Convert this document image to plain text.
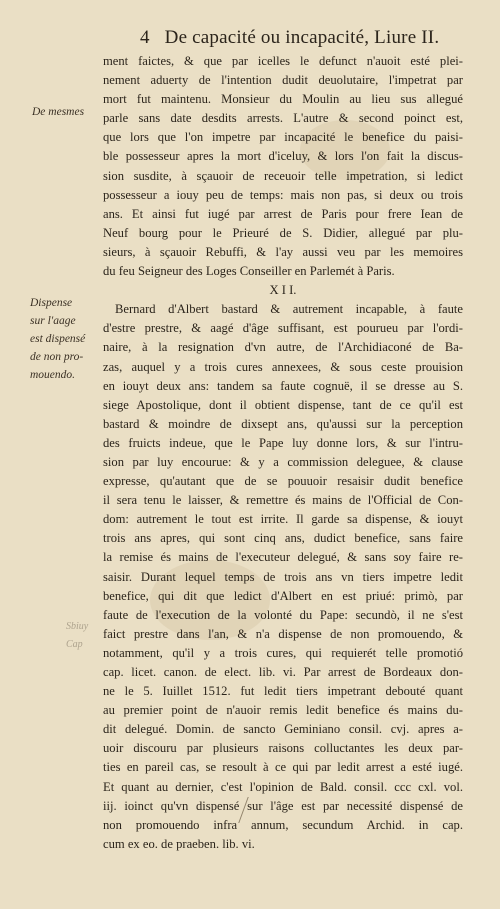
4 De capacité ou incapacité, Liure II.
De mesmes
Dispense
sur l'aage
est dispensé
de non pro-
mouendo.
Sbiuy Cap
ment faictes, & que par icelles le defunct n'auoit esté plei-
nement aduerty de l'intention dudit deuolutaire, l'impetrat par
mort fut maintenu. Monsieur du Moulin au lieu sus allegué
parle sans date desdits arrests. L'autre & second poinct est,
que lors que l'on impetre par incapacité le benefice du paisi-
ble possesseur apres la mort d'iceluy, & lors l'on fait la discus-
sion susdite, à sçauoir de receuoir telle impetration, si ledict
possesseur a iouy peu de temps: mais non pas, si deux ou trois
ans. Et ainsi fut iugé par arrest de Paris pour frere Iean de
Neuf bourg pour le Prieuré de S. Didier, allegué par plu-
sieurs, à sçauoir Rebuffi, & l'ay aussi veu par les memoires
du feu Seigneur des Loges Conseiller en Parlemét à Paris.
X I I.
Bernard d'Albert bastard & autrement incapable, à faute
d'estre prestre, & aagé d'âge suffisant, est pourueu par l'ordi-
naire, à la resignation d'vn autre, de l'Archidiaconé de Ba-
zas, auquel y a trois cures annexees, & sous ceste prouision
en iouyt deux ans: tandem sa faute cognuë, il se dresse au S.
siege Apostolique, dont il obtient dispense, tant de ce qu'il est
bastard & moindre de dixsept ans, qu'aussi sur la perception
des fruicts indeue, que le Pape luy donne lors, & sur l'intru-
sion par luy encourue: & y a commission deleguee, & clause
expresse, qu'autant que de se pouuoir resaisir dudit benefice
il sera tenu le laisser, & remettre és mains de l'Official de Con-
dom: autrement le tout est irrite. Il garde sa dispense, & iouyt
trois ans apres, qui sont cinq ans, dudict benefice, sans faire
la remise és mains de l'executeur delegué, & sans soy faire re-
saisir. Durant lequel temps de trois ans vn tiers impetre ledit
benefice, qui dit que ledict d'Albert en est priué: primò, par
faute de l'execution de la volonté du Pape: secundò, il ne s'est
faict prestre dans l'an, & n'a dispense de non promouendo, &
notamment, qu'il y a trois cures, qui requierét telle promotió
cap. licet. canon. de elect. lib. vi. Par arrest de Bordeaux don-
ne le 5. Iuillet 1512. fut ledit tiers impetrant debouté quant
au premier point de n'auoir remis ledit benefice és mains du-
dit delegué. Domin. de sancto Geminiano consil. cvj. apres a-
uoir discouru par plusieurs raisons colluctantes les deux par-
ties en pareil cas, se resoult à ce qui par ledit arrest a esté iugé.
Et quant au dernier, c'est l'opinion de Bald. consil. ccc cxl. vol.
iij. ioinct qu'vn dispensé sur l'âge est par necessité dispensé de
non promouendo infra annum, secundum Archid. in cap.
cum ex eo. de praeben. lib. vi.
